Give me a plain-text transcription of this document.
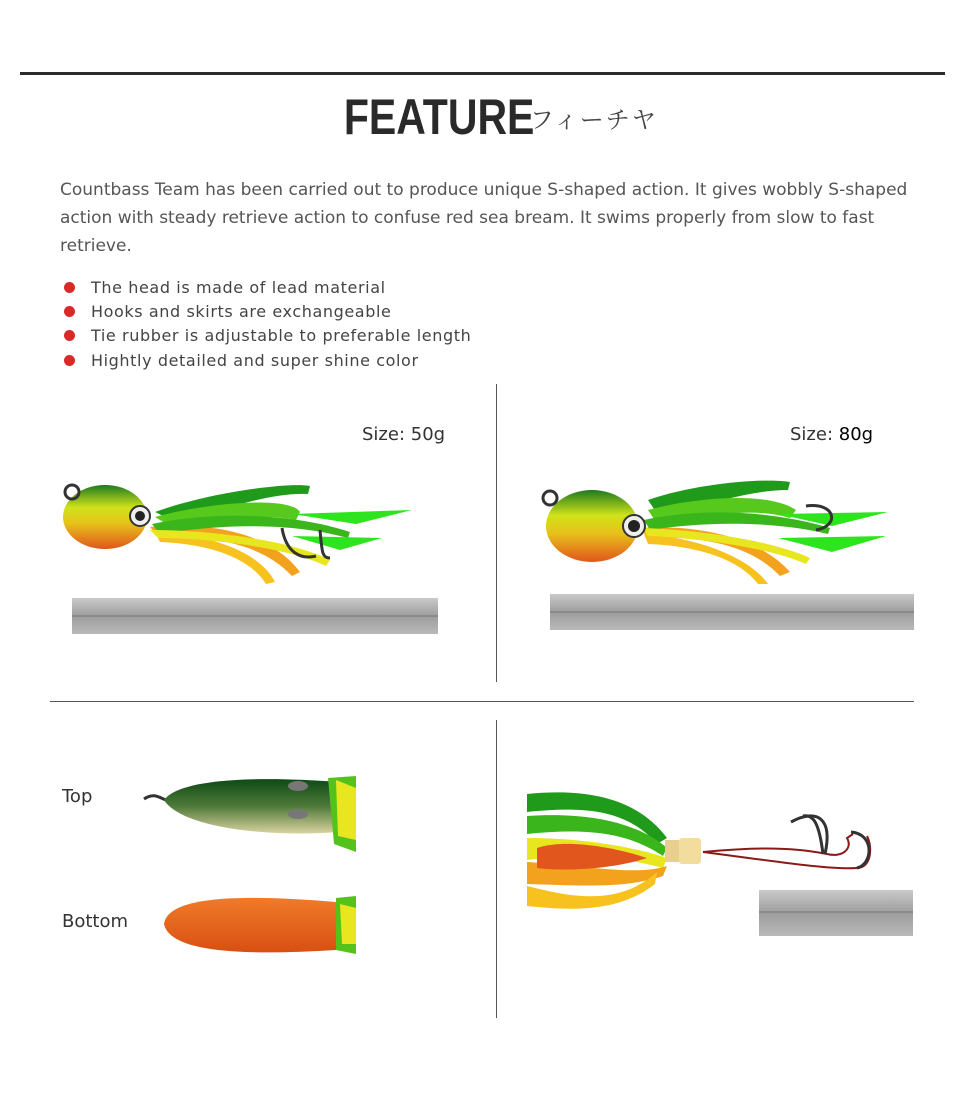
FEATURE フィーチヤ
Countbass Team has been carried out to produce unique S-shaped action. It gives wobbly S-shaped action with steady retrieve action to confuse red sea bream. It swims properly from slow to fast retrieve.
The head is made of lead material
Hooks and skirts are exchangeable
Tie rubber is adjustable to preferable length
Hightly detailed and super shine color
Size: 50g	Size: 80g
Top
Bottom
